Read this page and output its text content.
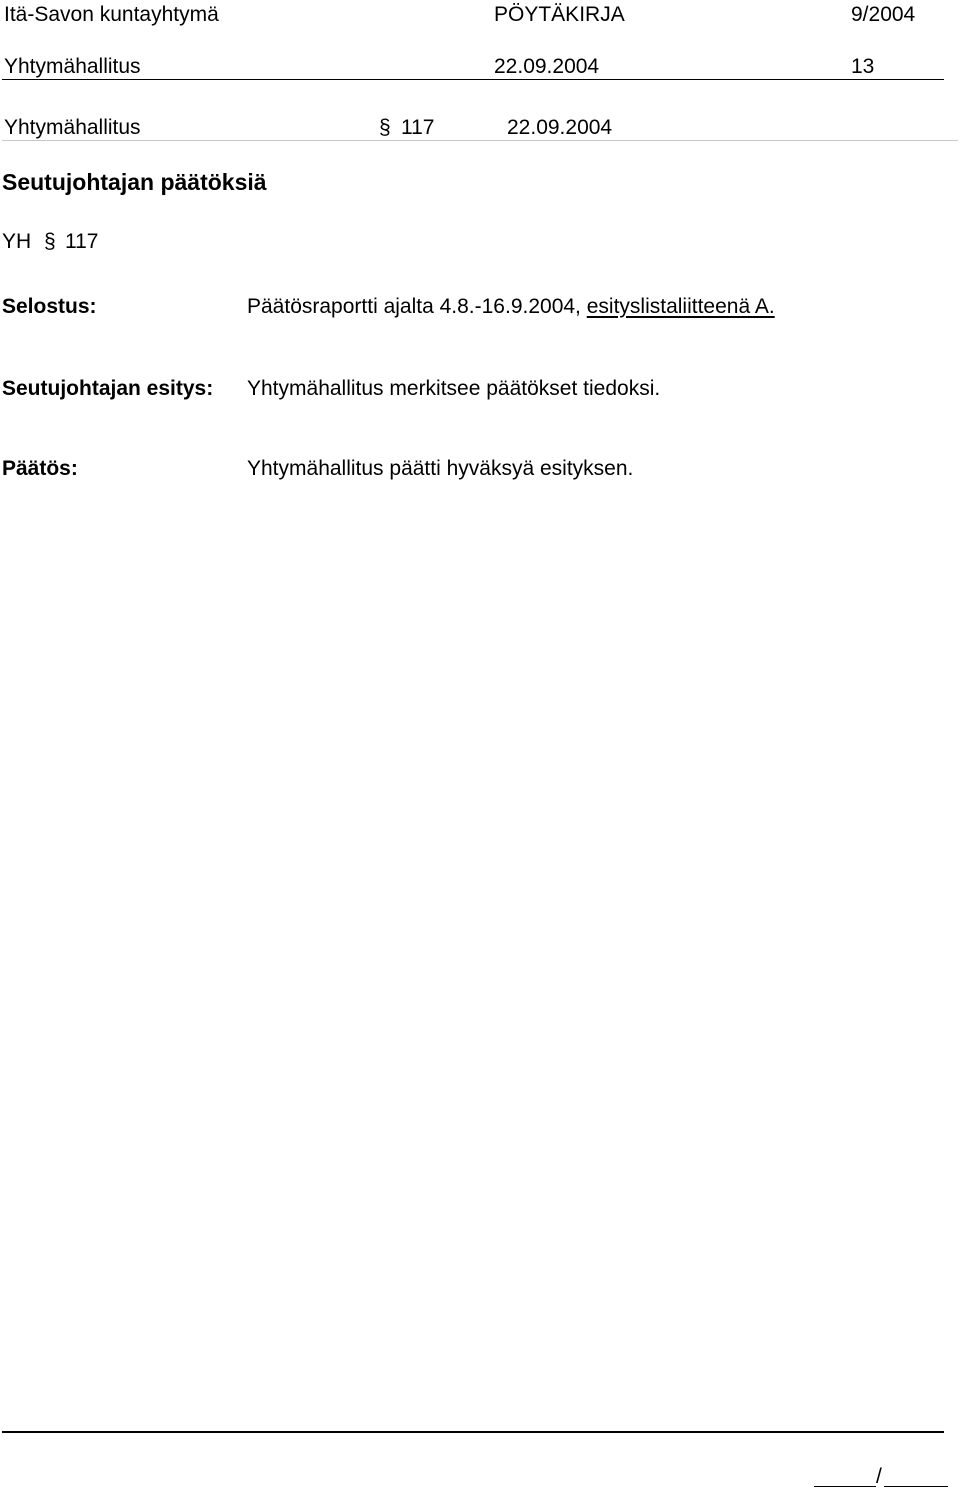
Itä-Savon kuntayhtymä	PÖYTÄKIRJA	9/2004
Yhtymähallitus	22.09.2004	13
Yhtymähallitus	§ 117	22.09.2004
Seutujohtajan päätöksiä
YH § 117
Selostus:	Päätösraportti ajalta 4.8.-16.9.2004, esityslistaliitteenä A.
Seutujohtajan esitys: Yhtymähallitus merkitsee päätökset tiedoksi.
Päätös:	Yhtymähallitus päätti hyväksyä esityksen.
/
